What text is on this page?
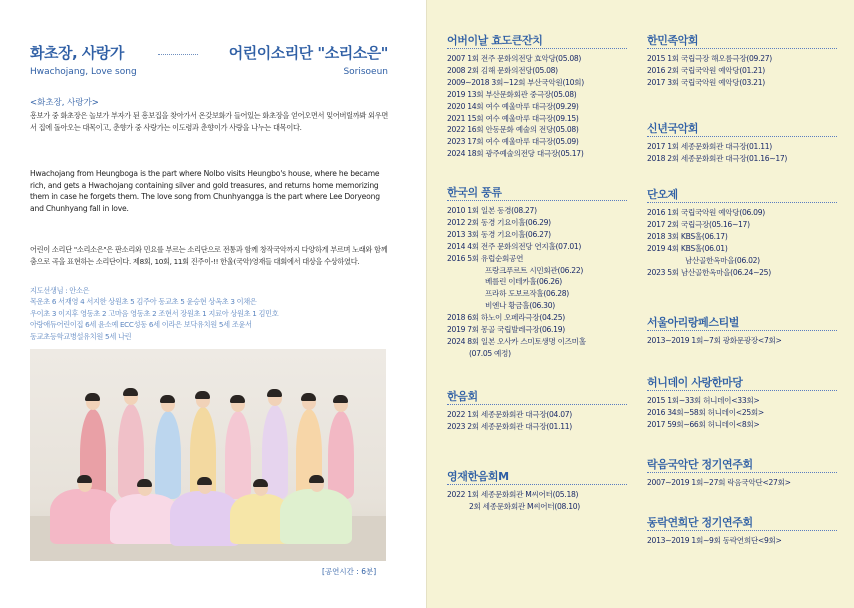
화초장, 사랑가	어린이소리단 "소리소은"
Hwachojang, Love song	Sorisoeun
<화초장, 사랑가>
흥보가 중 화초장은 놀보가 부자가 된 흥보집을 찾아가서 온갖보화가 들어있는 화초장을 얻어오면서 잊어버릴까봐 외우면서 집에 돌아오는 대목이고, 춘향가 중 사랑가는 이도령과 춘향이가 사랑을 나누는 대목이다.
Hwachojang from Heungboga is the part where Nolbo visits Heungbo's house, where he became rich, and gets a Hwachojang containing silver and gold treasures, and returns home memorizing them in case he forgets them. The love song from Chunhyangga is the part where Lee Doryeong and Chunhyang fall in love.
어린이 소리단 "소리소은"은 판소리와 민요를 부르는 소리단으로 전통과 함께 창작국악까지 다양하게 부르며 노래와 함께 춤으로 곡을 표현하는 소리단이다. 제8회, 10회, 11회 진주이-!! 한울(국악)영재들 대회에서 대상을 수상하였다.
지도선생님 : 안소은
목운초 6 서재영 4 서지한 상원초 5 김주아 동교초 5 윤승현 상옥초 3 이채은
우이초 3 이지후 영동초 2 고마음 영동초 2 조현서 장원초 1 지료아 상원초 1 김민호
아랑애듀어린이집 6세 윤소예 ECC성동 6세 이라은 보닥유치원 5세 조윤서
동교초등학교병설유치원 5세 나린
[공연시간 : 6분]
어버이날 효도큰잔치
2007 1회 전주 문화의전당 효악당(05.08)
2008 2회 김해 문화의전당(05.08)
2009~2018 3회~12회 부산국악원(10회)
2019 13회 부산문화회관 중극장(05.08)
2020 14회 여수 예울마루 대극장(09.29)
2021 15회 여수 예울마루 대극장(09.15)
2022 16회 안동문화 예술의 전당(05.08)
2023 17회 여수 예울마루 대극장(05.09)
2024 18회 광주예술의전당 대극장(05.17)
한국의 풍류
2010 1회 일본 동경(08.27)
2012 2회 동경 기요이홀(06.29)
2013 3회 동경 기요이홀(06.27)
2014 4회 전주 문화의전당 연지홀(07.01)
2016 5회 유럽순회공연
프랑크푸르트 시민회관(06.22)
베를린 이테카홀(06.26)
프라하 도보르작홀(06.28)
비엔나 황금홀(06.30)
2018 6회 하노이 오페라극장(04.25)
2019 7회 몽골 국립발레극장(06.19)
2024 8회 일본 오사카 스미토생명 이즈미홀
(07.05 예정)
한음회
2022 1회 세종문화회관 대극장(04.07)
2023 2회 세종문화회관 대극장(01.11)
영재한음회M
2022 1회 세종문화회관 M씨어터(05.18)
2회 세종문화회관 M씨어터(08.10)
한민족악회
2015 1회 국립극장 해오름극장(09.27)
2016 2회 국립국악원 예악당(01.21)
2017 3회 국립국악원 예악당(03.21)
신년국악회
2017 1회 세종문화회관 대극장(01.11)
2018 2회 세종문화회관 대극장(01.16~17)
단오제
2016 1회 국립국악원 예악당(06.09)
2017 2회 국립극장(05.16~17)
2018 3회 KBS홀(06.17)
2019 4회 KBS홀(06.01)
남산골한옥마을(06.02)
2023 5회 남산골한옥마을(06.24~25)
서울아리랑페스티벌
2013~2019 1회~7회 광화문광장<7회>
허니데이 사랑한마당
2015 1회~33회 허니데이<33회>
2016 34회~58회 허니데이<25회>
2017 59회~66회 허니데이<8회>
락음국악단 정기연주회
2007~2019 1회~27회 락음국악단<27회>
동락연희단 정기연주회
2013~2019 1회~9회 동락연희단<9회>
